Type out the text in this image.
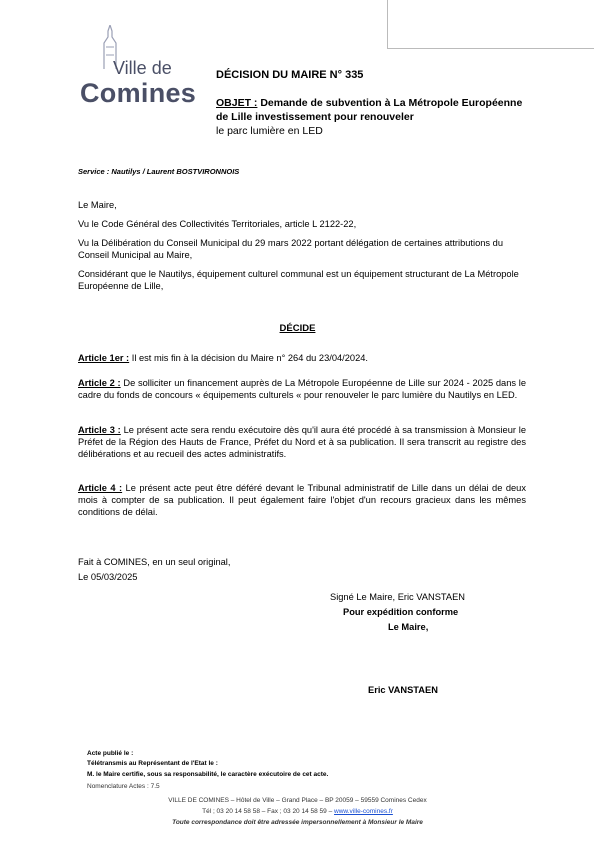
Ville de
Comines
DÉCISION DU MAIRE N° 335
OBJET : Demande de subvention à La Métropole Européenne de Lille investissement pour renouveler
le parc lumière en LED
Service : Nautilys / Laurent BOSTVIRONNOIS
Le Maire,
Vu le Code Général des Collectivités Territoriales, article L 2122-22,
Vu la Délibération du Conseil Municipal du 29 mars 2022 portant délégation de certaines attributions du Conseil Municipal au Maire,
Considérant que le Nautilys, équipement culturel communal est un équipement structurant de La Métropole Européenne de Lille,
DÉCIDE
Article 1er : Il est mis fin à la décision du Maire n° 264 du 23/04/2024.
Article 2 : De solliciter un financement auprès de La Métropole Européenne de Lille sur 2024 - 2025 dans le cadre du fonds de concours « équipements culturels « pour renouveler le parc lumière du Nautilys en LED.
Article 3 : Le présent acte sera rendu exécutoire dès qu'il aura été procédé à sa transmission à Monsieur le Préfet de la Région des Hauts de France, Préfet du Nord et à sa publication. Il sera transcrit au registre des délibérations et au recueil des actes administratifs.
Article 4 : Le présent acte peut être déféré devant le Tribunal administratif de Lille dans un délai de deux mois à compter de sa publication. Il peut également faire l'objet d'un recours gracieux dans les mêmes conditions de délai.
Fait à COMINES, en un seul original,
Le 05/03/2025
Signé Le Maire, Eric VANSTAEN
Pour expédition conforme
Le Maire,
Eric VANSTAEN
Acte publié le :
Télétransmis au Représentant de l'Etat le :
M. le Maire certifie, sous sa responsabilité, le caractère exécutoire de cet acte.
Nomenclature Actes : 7.5
VILLE DE COMINES – Hôtel de Ville – Grand Place – BP 20059 – 59559 Comines Cedex
Tél ; 03 20 14 58 58 – Fax ; 03 20 14 58 59 – www.ville-comines.fr
Toute correspondance doit être adressée impersonnellement à Monsieur le Maire
